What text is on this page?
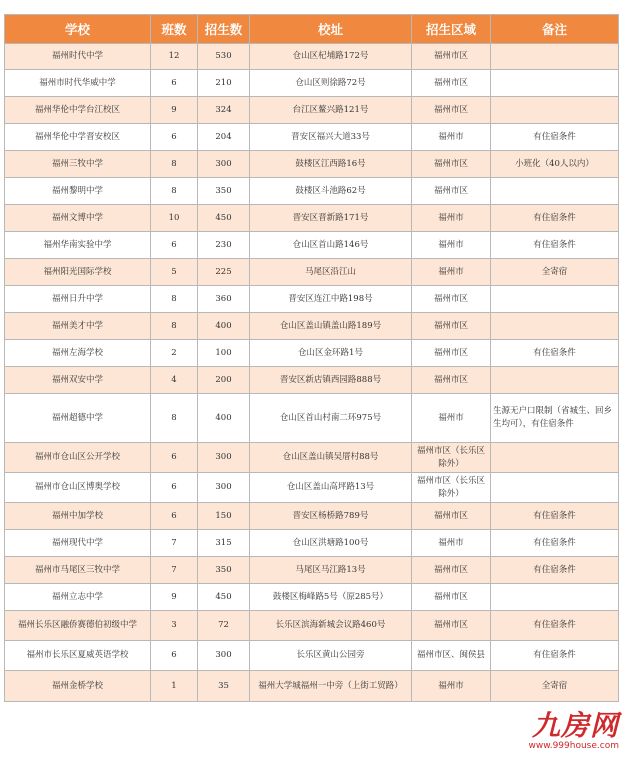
学校	班数	招生数	校址	招生区域	备注
福州时代中学	12	530	仓山区杞埔路172号	福州市区	
福州市时代华威中学	6	210	仓山区则徐路72号	福州市区	
福州华伦中学台江校区	9	324	台江区鳌兴路121号	福州市区	
福州华伦中学晋安校区	6	204	晋安区福兴大道33号	福州市	有住宿条件
福州三牧中学	8	300	鼓楼区江西路16号	福州市区	小班化（40人以内）
福州黎明中学	8	350	鼓楼区斗池路62号	福州市区	
福州文博中学	10	450	晋安区晋新路171号	福州市	有住宿条件
福州华南实验中学	6	230	仓山区首山路146号	福州市	有住宿条件
福州阳光国际学校	5	225	马尾区沿江山	福州市	全寄宿
福州日升中学	8	360	晋安区连江中路198号	福州市区	
福州美才中学	8	400	仓山区盖山镇盖山路189号	福州市区	
福州左海学校	2	100	仓山区金环路1号	福州市区	有住宿条件
福州双安中学	4	200	晋安区新店镇西园路888号	福州市区	
福州超德中学	8	400	仓山区首山村南二环975号	福州市	生源无户口限制（省城生、回乡生均可），有住宿条件
福州市仓山区公开学校	6	300	仓山区盖山镇吴厝村88号	福州市区（长乐区除外）	
福州市仓山区博奥学校	6	300	仓山区盖山高坪路13号	福州市区（长乐区除外）	
福州中加学校	6	150	晋安区杨桥路789号	福州市区	有住宿条件
福州现代中学	7	315	仓山区洪塘路100号	福州市	有住宿条件
福州市马尾区三牧中学	7	350	马尾区马江路13号	福州市区	有住宿条件
福州立志中学	9	450	鼓楼区梅峰路5号（原285号）	福州市区	
福州长乐区融侨赛德伯初级中学	3	72	长乐区滨海新城会议路460号	福州市区	有住宿条件
福州市长乐区夏威英语学校	6	300	长乐区黄山公园旁	福州市区、闽侯县	有住宿条件
福州金桥学校	1	35	福州大学城福州一中旁（上街工贸路）	福州市	全寄宿
九房网
www.999house.com
